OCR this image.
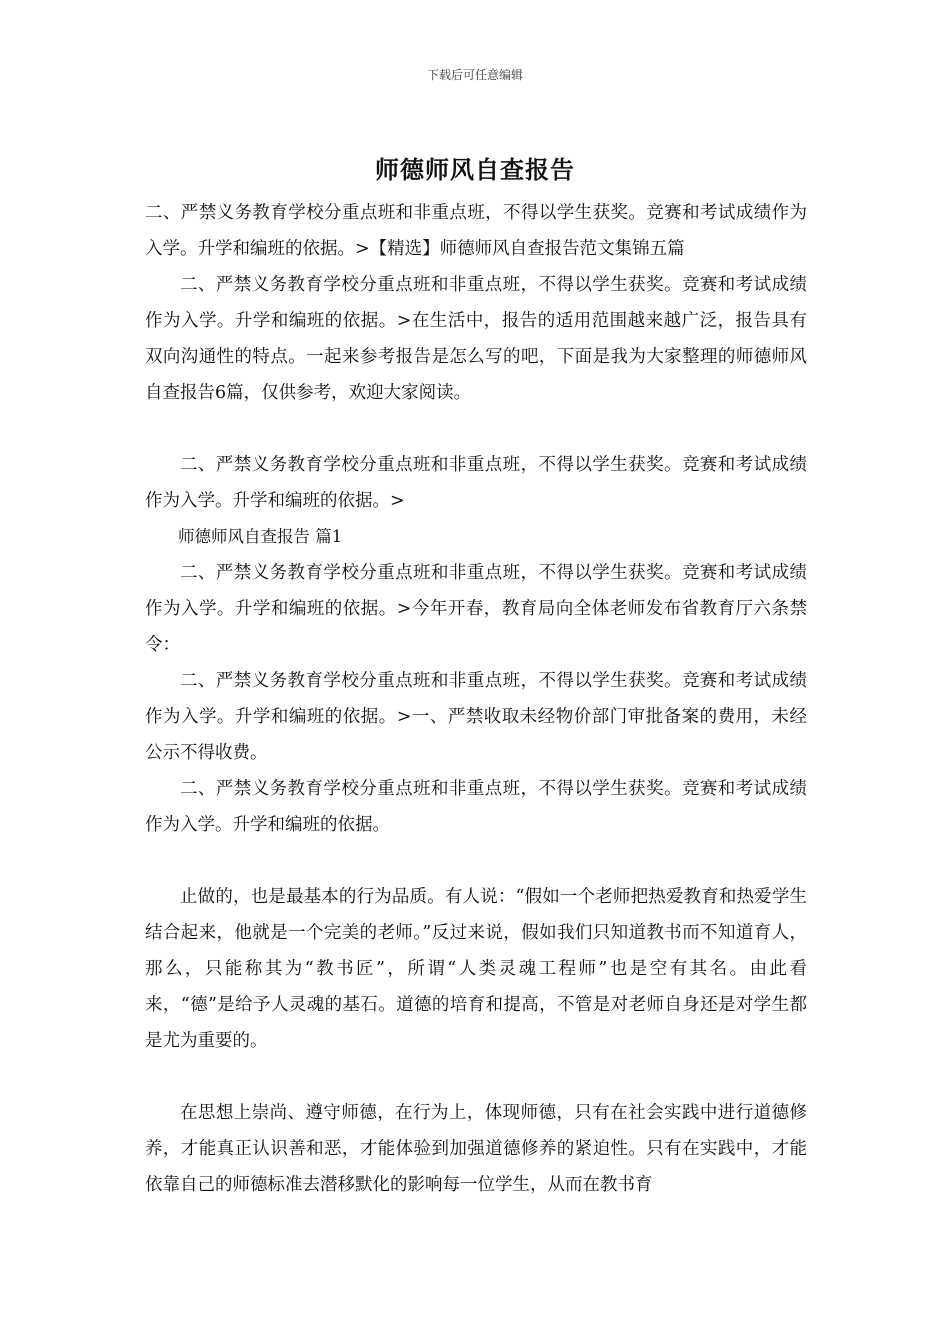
下载后可任意编辑
师德师风自查报告

二、严禁义务教育学校分重点班和非重点班，不得以学生获奖。竞赛和考试成绩作为入学。升学和编班的依据。>【精选】师德师风自查报告范文集锦五篇

二、严禁义务教育学校分重点班和非重点班，不得以学生获奖。竞赛和考试成绩作为入学。升学和编班的依据。>在生活中，报告的适用范围越来越广泛，报告具有双向沟通性的特点。一起来参考报告是怎么写的吧，下面是我为大家整理的师德师风自查报告6篇，仅供参考，欢迎大家阅读。

二、严禁义务教育学校分重点班和非重点班，不得以学生获奖。竞赛和考试成绩作为入学。升学和编班的依据。>

师德师风自查报告 篇1

二、严禁义务教育学校分重点班和非重点班，不得以学生获奖。竞赛和考试成绩作为入学。升学和编班的依据。>今年开春，教育局向全体老师发布省教育厅六条禁令：

二、严禁义务教育学校分重点班和非重点班，不得以学生获奖。竞赛和考试成绩作为入学。升学和编班的依据。>一、严禁收取未经物价部门审批备案的费用，未经公示不得收费。

二、严禁义务教育学校分重点班和非重点班，不得以学生获奖。竞赛和考试成绩作为入学。升学和编班的依据。

止做的，也是最基本的行为品质。有人说：“假如一个老师把热爱教育和热爱学生结合起来，他就是一个完美的老师。”反过来说，假如我们只知道教书而不知道育人，那么，只能称其为“教书匠”，所谓“人类灵魂工程师”也是空有其名。由此看来，“德”是给予人灵魂的基石。道德的培育和提高，不管是对老师自身还是对学生都是尤为重要的。

在思想上崇尚、遵守师德，在行为上，体现师德，只有在社会实践中进行道德修养，才能真正认识善和恶，才能体验到加强道德修养的紧迫性。只有在实践中，才能依靠自己的师德标准去潜移默化的影响每一位学生，从而在教书育
